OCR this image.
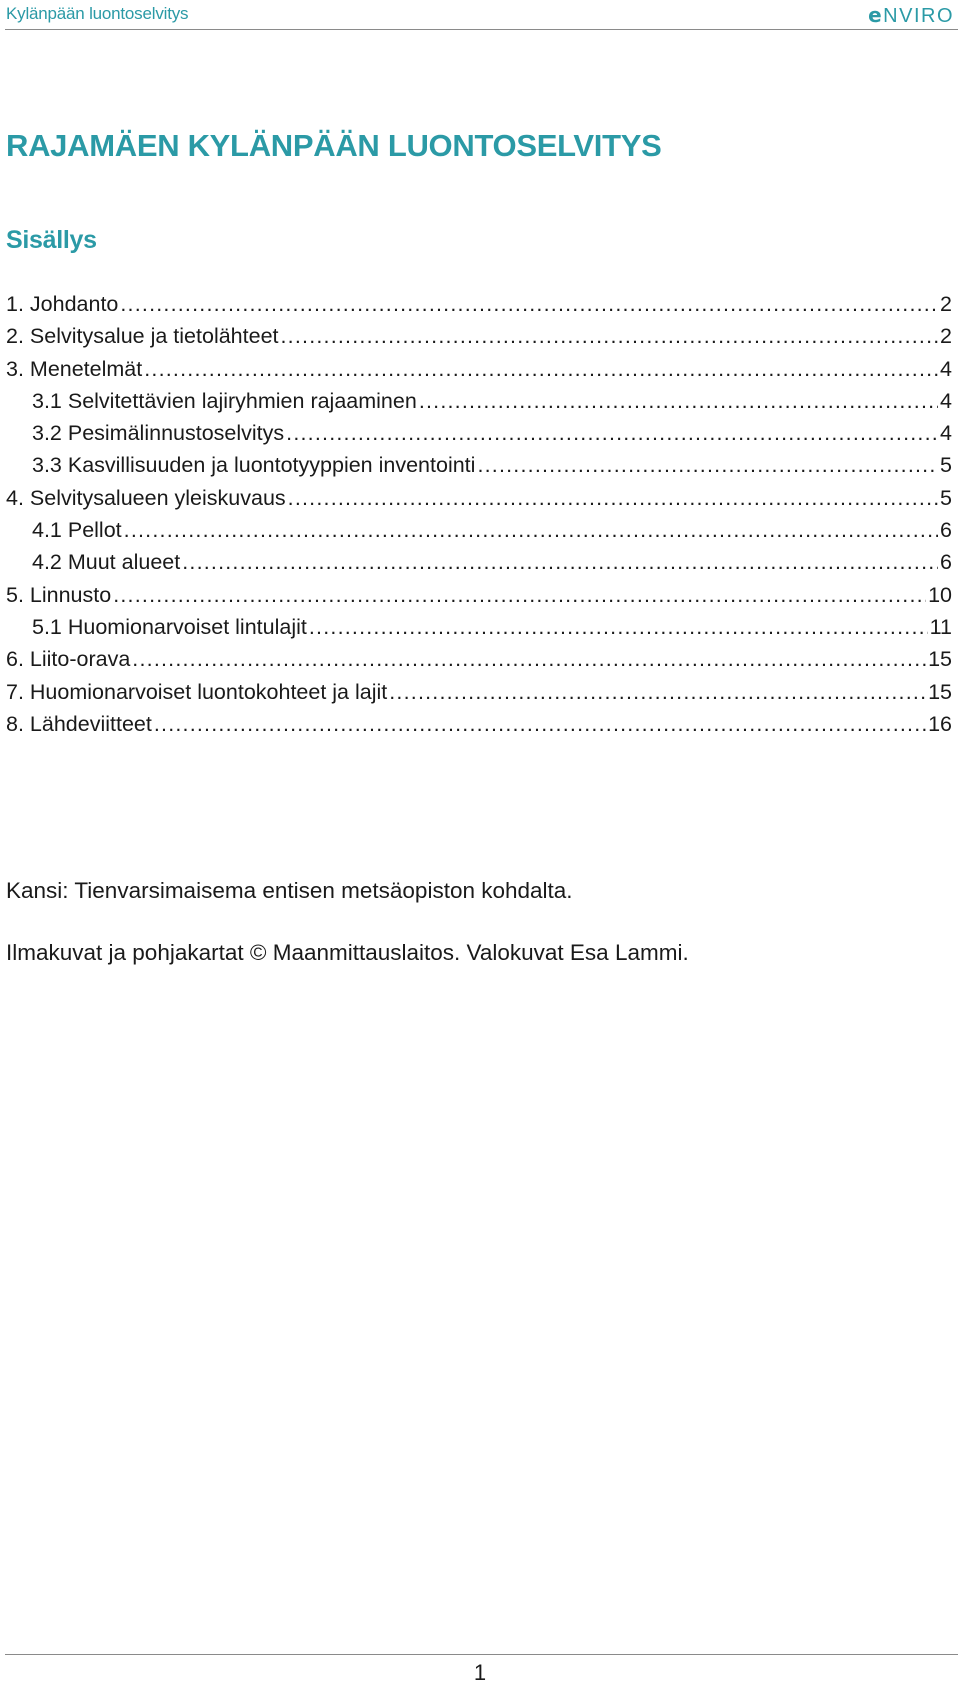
Kylänpään luontoselvitys	eNVIRO
RAJAMÄEN KYLÄNPÄÄN LUONTOSELVITYS
Sisällys
1. Johdanto .....	2
2. Selvitysalue ja tietolähteet .....	2
3. Menetelmät .....	4
3.1 Selvitettävien lajiryhmien rajaaminen .....	4
3.2 Pesimälinnustoselvitys .....	4
3.3 Kasvillisuuden ja luontotyyppien inventointi .....	5
4. Selvitysalueen yleiskuvaus .....	5
4.1 Pellot .....	6
4.2 Muut alueet .....	6
5. Linnusto .....	10
5.1 Huomionarvoiset lintulajit .....	11
6. Liito-orava .....	15
7. Huomionarvoiset luontokohteet ja lajit .....	15
8. Lähdeviitteet .....	16

Kansi: Tienvarsimaisema entisen metsäopiston kohdalta.

Ilmakuvat ja pohjakartat © Maanmittauslaitos. Valokuvat Esa Lammi.

1
